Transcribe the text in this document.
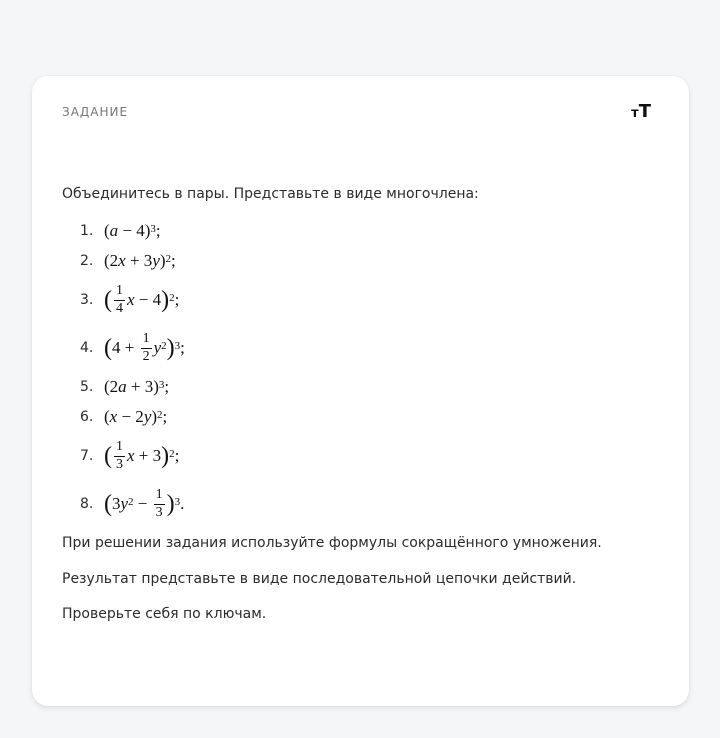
ЗАДАНИЕ	тТ
Объединитесь в пары. Представьте в виде многочлена:
1. ( a − 4)$^3$ ;
2. (2 x + 3 y )$^2$ ;
3. ( $\frac{1}{4}$ x − 4 )$^2$ ;
4. ( $4 + \frac{1}{2} y^2$ )$^3$ ;
5. (2 a + 3)$^3$ ;
6. ( x − 2 y )$^2$ ;
7. ( $\frac{1}{3}$ x + 3 )$^2$ ;
8. ( 3 $y^2 - \frac{1}{3} )^3$ .
При решении задания используйте формулы сокращённого умножения.
Результат представьте в виде последовательной цепочки действий.
Проверьте себя по ключам.
